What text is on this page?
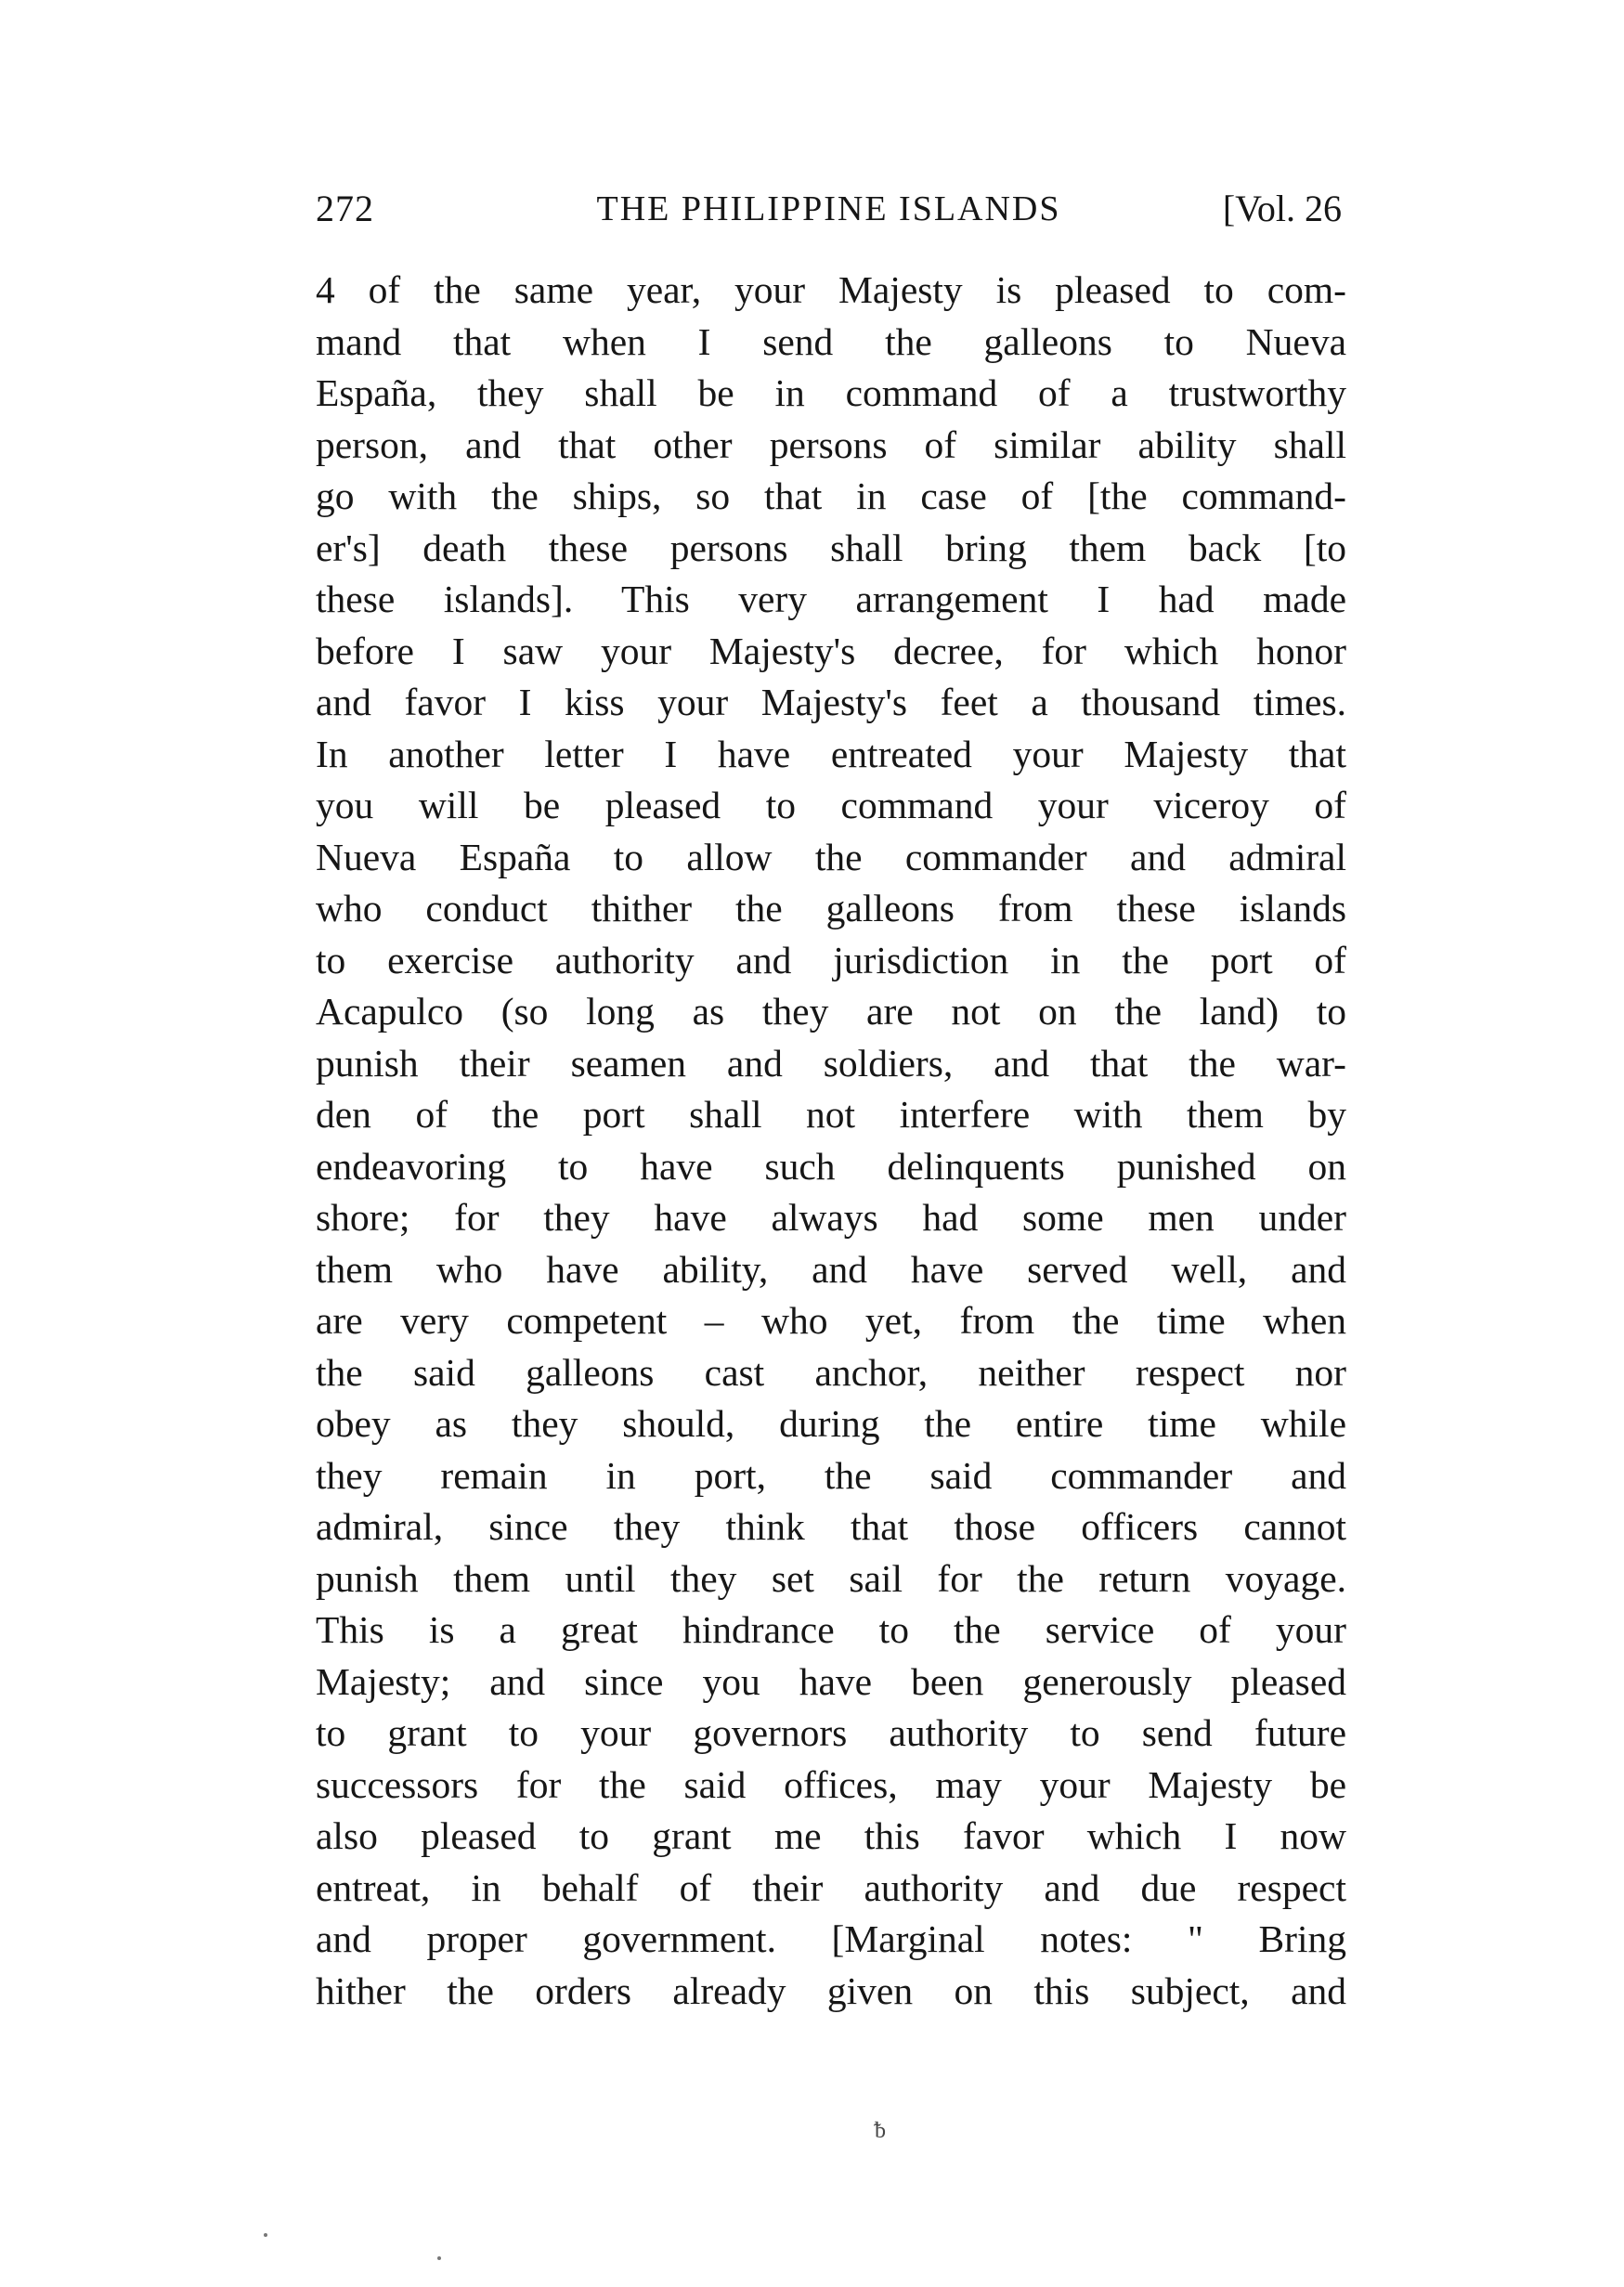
272	THE PHILIPPINE ISLANDS	[Vol. 26
4 of the same year, your Majesty is pleased to com-
mand that when I send the galleons to Nueva
España, they shall be in command of a trustworthy
person, and that other persons of similar ability shall
go with the ships, so that in case of [the command-
er's] death these persons shall bring them back [to
these islands]. This very arrangement I had made
before I saw your Majesty's decree, for which honor
and favor I kiss your Majesty's feet a thousand times.
In another letter I have entreated your Majesty that
you will be pleased to command your viceroy of
Nueva España to allow the commander and admiral
who conduct thither the galleons from these islands
to exercise authority and jurisdiction in the port of
Acapulco (so long as they are not on the land) to
punish their seamen and soldiers, and that the war-
den of the port shall not interfere with them by
endeavoring to have such delinquents punished on
shore; for they have always had some men under
them who have ability, and have served well, and
are very competent – who yet, from the time when
the said galleons cast anchor, neither respect nor
obey as they should, during the entire time while
they remain in port, the said commander and
admiral, since they think that those officers cannot
punish them until they set sail for the return voyage.
This is a great hindrance to the service of your
Majesty; and since you have been generously pleased
to grant to your governors authority to send future
successors for the said offices, may your Majesty be
also pleased to grant me this favor which I now
entreat, in behalf of their authority and due respect
and proper government. [Marginal notes: " Bring
hither the orders already given on this subject, and
ᵬ
